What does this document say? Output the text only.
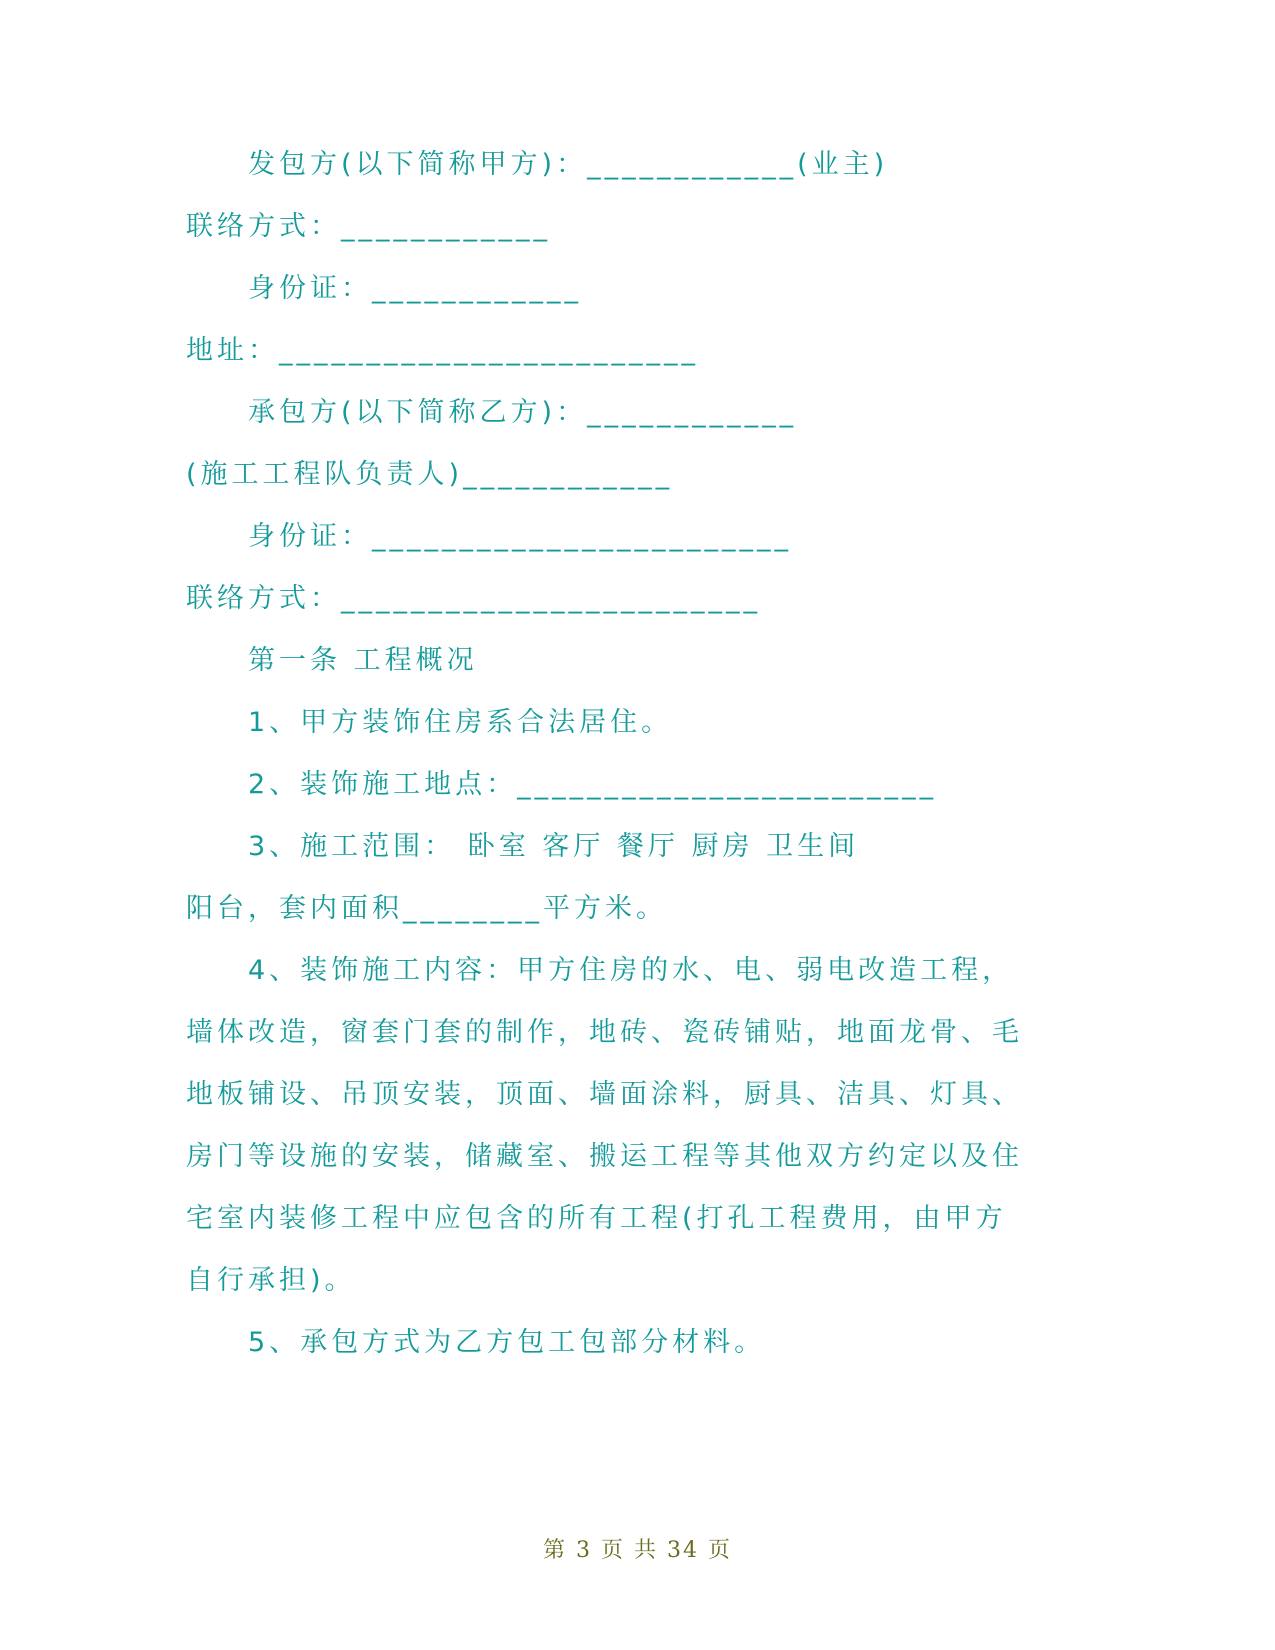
发包方(以下简称甲方)：____________(业主)
联络方式：____________
身份证：____________
地址：________________________
承包方(以下简称乙方)：____________
(施工工程队负责人)____________
身份证：________________________
联络方式：________________________
第一条 工程概况
1、甲方装饰住房系合法居住。
2、装饰施工地点：________________________
3、施工范围： 卧室 客厅 餐厅 厨房 卫生间
阳台，套内面积________平方米。
4、装饰施工内容：甲方住房的水、电、弱电改造工程，
墙体改造，窗套门套的制作，地砖、瓷砖铺贴，地面龙骨、毛
地板铺设、吊顶安装，顶面、墙面涂料，厨具、洁具、灯具、
房门等设施的安装，储藏室、搬运工程等其他双方约定以及住
宅室内装修工程中应包含的所有工程(打孔工程费用，由甲方
自行承担)。
5、承包方式为乙方包工包部分材料。
第 3 页 共 34 页
